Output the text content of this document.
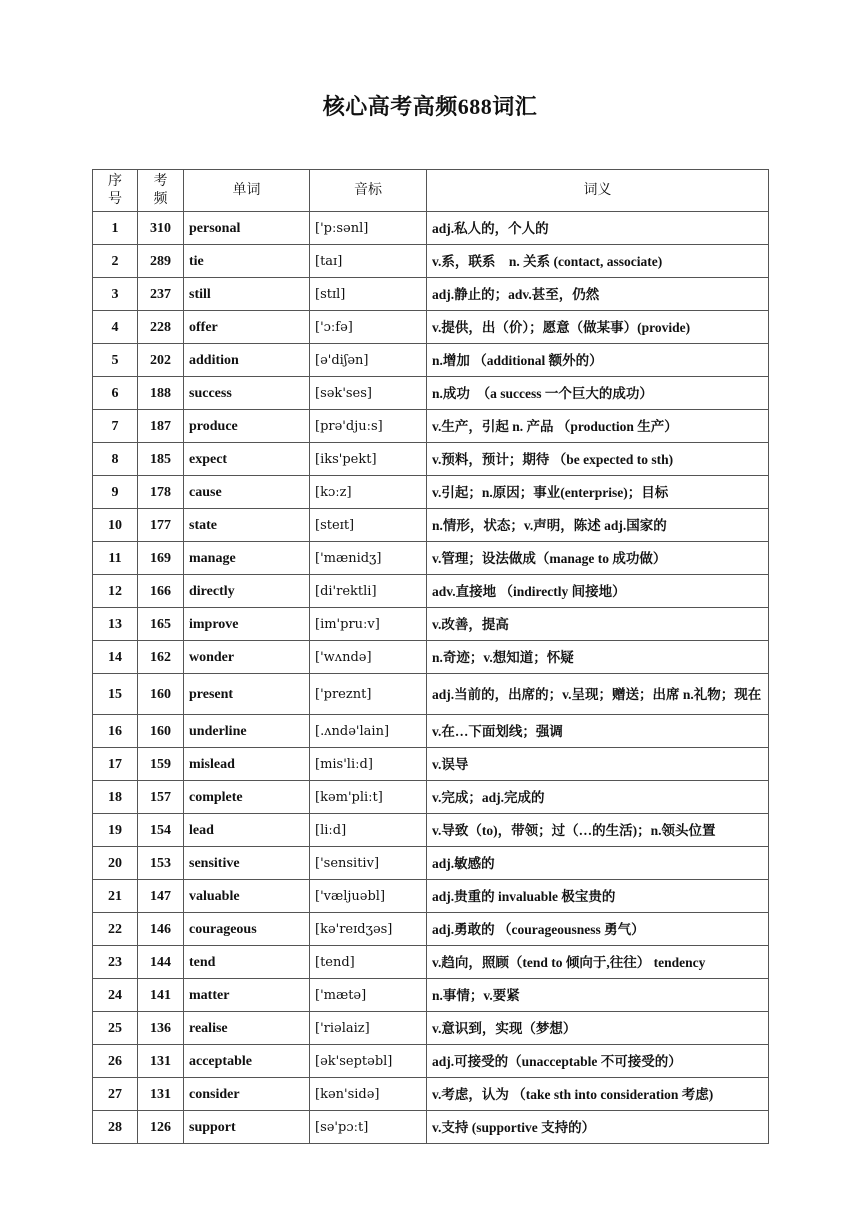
核心高考高频688词汇
序号	考频	单词	音标	词义
1	310	personal	['pːsənl]	adj.私人的，个人的
2	289	tie	[taɪ]	v.系，联系　n. 关系 (contact, associate)
3	237	still	[stɪl]	adj.静止的；adv.甚至，仍然
4	228	offer	['ɔːfə]	v.提供，出（价）；愿意（做某事）(provide)
5	202	addition	[ə'diʃən]	n.增加 （additional 额外的）
6	188	success	[sək'ses]	n.成功　（a success 一个巨大的成功）
7	187	produce	[prə'djuːs]	v.生产，引起 n. 产品 （production 生产）
8	185	expect	[iks'pekt]	v.预料，预计；期待 （be expected to sth)
9	178	cause	[kɔːz]	v.引起；n.原因；事业(enterprise)；目标
10	177	state	[steɪt]	n.情形，状态；v.声明，陈述 adj.国家的
11	169	manage	['mænidʒ]	v.管理；设法做成（manage to 成功做）
12	166	directly	[di'rektli]	adv.直接地 （indirectly 间接地）
13	165	improve	[im'pruːv]	v.改善，提高
14	162	wonder	['wʌndə]	n.奇迹；v.想知道；怀疑
15	160	present	['preznt]	adj.当前的，出席的；v.呈现；赠送；出席 n.礼物；现在
16	160	underline	[.ʌndə'lain]	v.在…下面划线；强调
17	159	mislead	[mis'liːd]	v.误导
18	157	complete	[kəm'pliːt]	v.完成；adj.完成的
19	154	lead	[liːd]	v.导致（to)，带领；过（…的生活)；n.领头位置
20	153	sensitive	['sensitiv]	adj.敏感的
21	147	valuable	['væljuəbl]	adj.贵重的 invaluable 极宝贵的
22	146	courageous	[kə'reɪdʒəs]	adj.勇敢的 （courageousness 勇气）
23	144	tend	[tend]	v.趋向，照顾（tend to 倾向于,往往） tendency
24	141	matter	['mætə]	n.事情；v.要紧
25	136	realise	['riəlaiz]	v.意识到，实现（梦想）
26	131	acceptable	[ək'septəbl]	adj.可接受的（unacceptable 不可接受的）
27	131	consider	[kən'sidə]	v.考虑，认为 （take sth into consideration 考虑)
28	126	support	[sə'pɔːt]	v.支持 (supportive 支持的）
